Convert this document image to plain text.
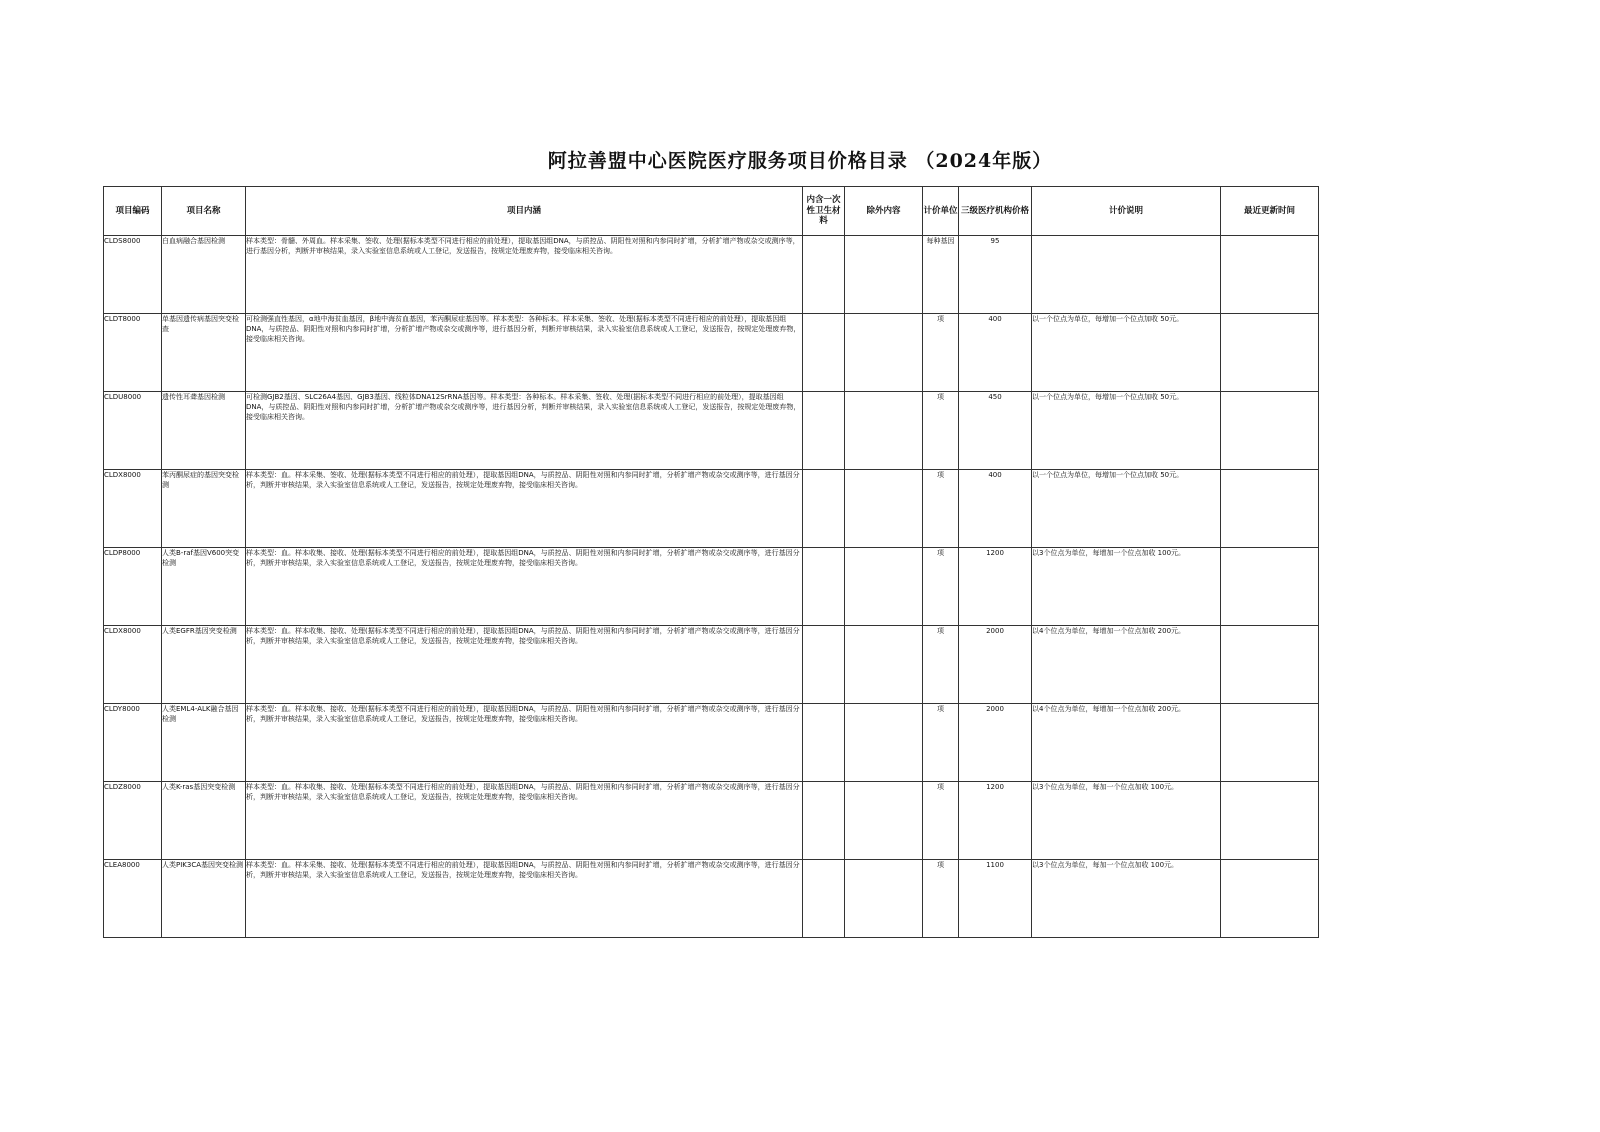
阿拉善盟中心医院医疗服务项目价格目录 （2024年版）
项目编码	项目名称	项目内涵	内含一次性卫生材料	除外内容	计价单位	三级医疗机构价格	计价说明	最近更新时间
CLDS8000	白血病融合基因检测	样本类型：骨髓、外周血。样本采集、签收、处理(据标本类型不同进行相应的前处理），提取基因组DNA，与质控品、阴阳性对照和内参同时扩增，分析扩增产物或杂交或测序等，进行基因分析，判断并审核结果，录入实验室信息系统或人工登记，发送报告，按规定处理废弃物，接受临床相关咨询。			每种基因	95		
CLDT8000	单基因遗传病基因突变检查	可检测强直性基因，α地中海贫血基因，β地中海贫血基因，苯丙酮尿症基因等。样本类型：各种标本。样本采集、签收、处理(据标本类型不同进行相应的前处理），提取基因组DNA，与质控品、阴阳性对照和内参同时扩增，分析扩增产物或杂交或测序等，进行基因分析，判断并审核结果，录入实验室信息系统或人工登记，发送报告，按规定处理废弃物，接受临床相关咨询。			项	400	以一个位点为单位，每增加一个位点加收 50元。	
CLDU8000	遗传性耳聋基因检测	可检测GJB2基因、SLC26A4基因、GJB3基因、线粒体DNA12SrRNA基因等。样本类型：各种标本。样本采集、签收、处理(据标本类型不同进行相应的前处理），提取基因组DNA，与质控品、阴阳性对照和内参同时扩增，分析扩增产物或杂交或测序等，进行基因分析，判断并审核结果，录入实验室信息系统或人工登记，发送报告，按规定处理废弃物，接受临床相关咨询。			项	450	以一个位点为单位，每增加一个位点加收 50元。	
CLDX8000	苯丙酮尿症的基因突变检测	样本类型：血。样本采集、签收、处理(据标本类型不同进行相应的前处理），提取基因组DNA，与质控品、阴阳性对照和内参同时扩增，分析扩增产物或杂交或测序等，进行基因分析，判断并审核结果，录入实验室信息系统或人工登记，发送报告，按规定处理废弃物，接受临床相关咨询。			项	400	以一个位点为单位，每增加一个位点加收 50元。	
CLDP8000	人类B-raf基因V600突变检测	样本类型：血。样本收集、接收、处理(据标本类型不同进行相应的前处理），提取基因组DNA，与质控品、阴阳性对照和内参同时扩增，分析扩增产物或杂交或测序等，进行基因分析，判断并审核结果，录入实验室信息系统或人工登记，发送报告，按规定处理废弃物，接受临床相关咨询。			项	1200	以3个位点为单位，每增加一个位点加收 100元。	
CLDX8000	人类EGFR基因突变检测	样本类型：血。样本收集、接收、处理(据标本类型不同进行相应的前处理），提取基因组DNA，与质控品、阴阳性对照和内参同时扩增，分析扩增产物或杂交或测序等，进行基因分析，判断并审核结果，录入实验室信息系统或人工登记，发送报告，按规定处理废弃物，接受临床相关咨询。			项	2000	以4个位点为单位，每增加一个位点加收 200元。	
CLDY8000	人类EML4-ALK融合基因检测	样本类型：血。样本收集、接收、处理(据标本类型不同进行相应的前处理），提取基因组DNA，与质控品、阴阳性对照和内参同时扩增，分析扩增产物或杂交或测序等，进行基因分析，判断并审核结果，录入实验室信息系统或人工登记，发送报告，按规定处理废弃物，接受临床相关咨询。			项	2000	以4个位点为单位，每增加一个位点加收 200元。	
CLDZ8000	人类K-ras基因突变检测	样本类型：血。样本收集、接收、处理(据标本类型不同进行相应的前处理），提取基因组DNA，与质控品、阴阳性对照和内参同时扩增，分析扩增产物或杂交或测序等，进行基因分析，判断并审核结果，录入实验室信息系统或人工登记，发送报告，按规定处理废弃物，接受临床相关咨询。			项	1200	以3个位点为单位，每加一个位点加收 100元。	
CLEA8000	人类PIK3CA基因突变检测	样本类型：血。样本采集、接收、处理(据标本类型不同进行相应的前处理），提取基因组DNA，与质控品、阴阳性对照和内参同时扩增，分析扩增产物或杂交或测序等，进行基因分析，判断并审核结果，录入实验室信息系统或人工登记，发送报告，按规定处理废弃物，接受临床相关咨询。			项	1100	以3个位点为单位，每加一个位点加收 100元。	
